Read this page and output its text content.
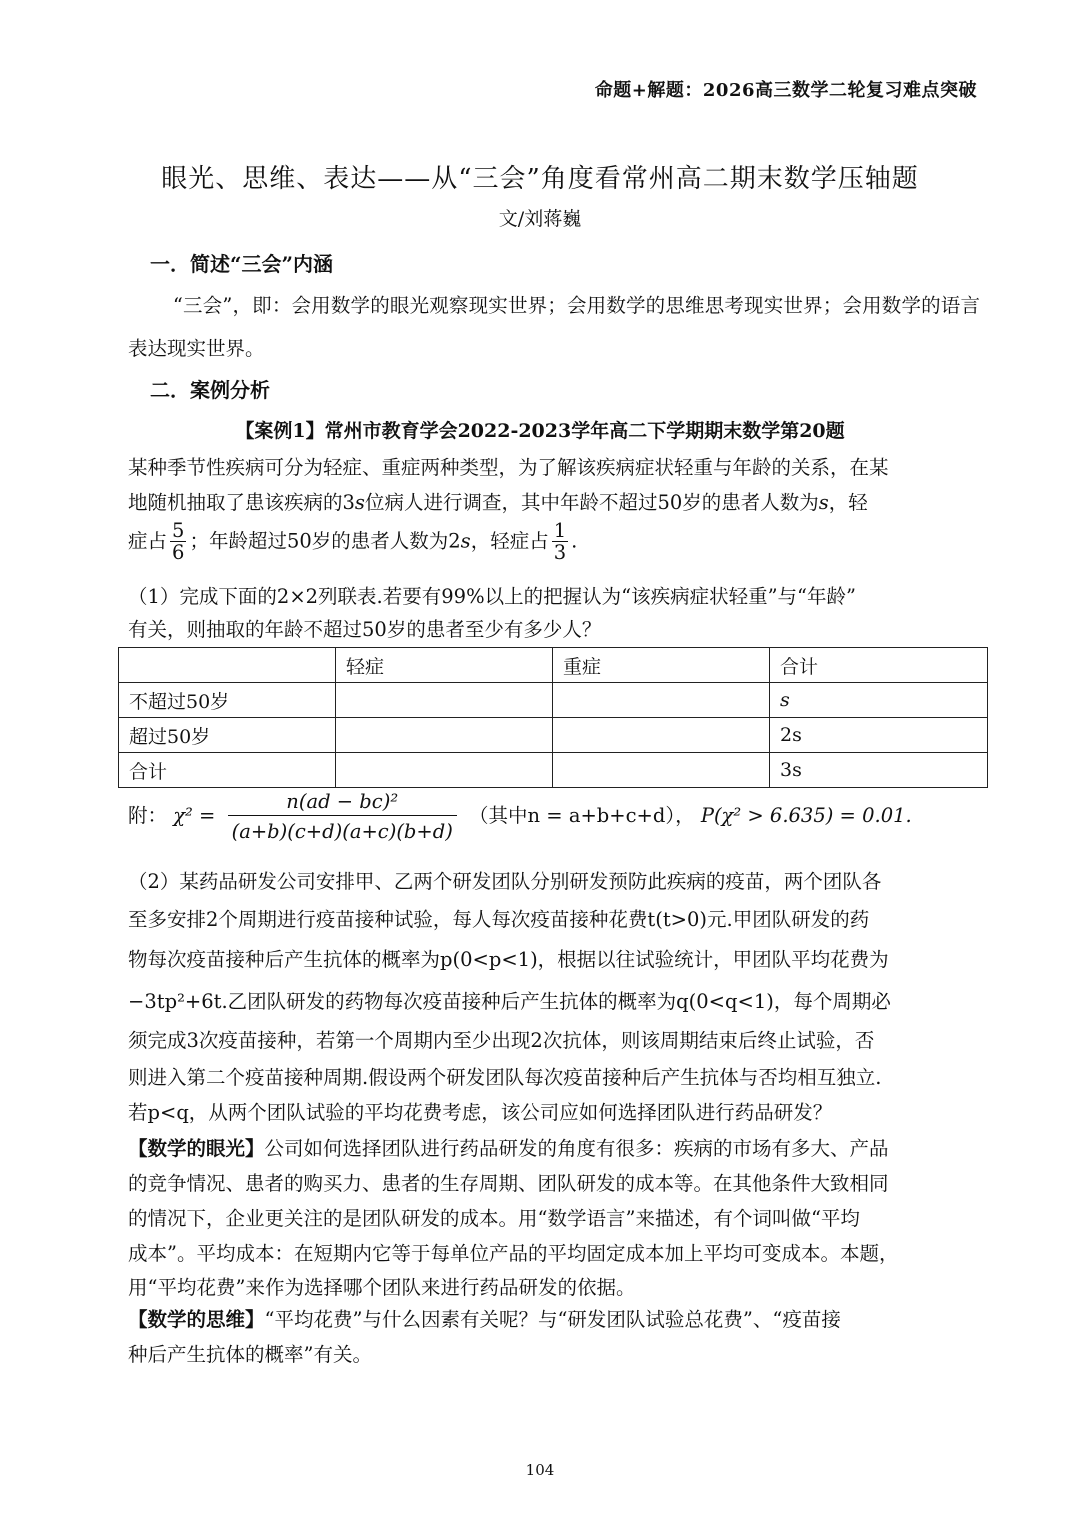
命题+解题：2026高三数学二轮复习难点突破
眼光、思维、表达——从“三会”角度看常州高二期末数学压轴题
文/刘蒋巍
一．简述“三会”内涵
“三会”，即：会用数学的眼光观察现实世界；会用数学的思维思考现实世界；会用数学的语言表达现实世界。
二．案例分析
【案例1】常州市教育学会2022-2023学年高二下学期期末数学第20题
某种季节性疾病可分为轻症、重症两种类型，为了解该疾病症状轻重与年龄的关系，在某
地随机抽取了患该疾病的3s位病人进行调查，其中年龄不超过50岁的患者人数为s，轻
症占 $\frac{5}{6}$ ；年龄超过50岁的患者人数为2s，轻症占 $\frac{1}{3}$ .
（1）完成下面的2×2列联表.若要有99%以上的把握认为“该疾病症状轻重”与“年龄”
有关，则抽取的年龄不超过50岁的患者至少有多少人？
	轻症	重症	合计
不超过50岁			s
超过50岁			2s
合计			3s
附： $\chi^2 = \frac{\text{n(ad − bc)²}}{(a+b)(c+d)(a+c)(b+d)}$ （其中n = a+b+c+d）， P(χ² > 6.635) = 0.01.
（2）某药品研发公司安排甲、乙两个研发团队分别研发预防此疾病的疫苗，两个团队各
至多安排2个周期进行疫苗接种试验，每人每次疫苗接种花费t(t>0)元.甲团队研发的药
物每次疫苗接种后产生抗体的概率为p(0<p<1)，根据以往试验统计，甲团队平均花费为
−3tp²+6t.乙团队研发的药物每次疫苗接种后产生抗体的概率为q(0<q<1)，每个周期必
须完成3次疫苗接种，若第一个周期内至少出现2次抗体，则该周期结束后终止试验，否
则进入第二个疫苗接种周期.假设两个研发团队每次疫苗接种后产生抗体与否均相互独立.
若p<q，从两个团队试验的平均花费考虑，该公司应如何选择团队进行药品研发？
【数学的眼光】公司如何选择团队进行药品研发的角度有很多：疾病的市场有多大、产品
的竞争情况、患者的购买力、患者的生存周期、团队研发的成本等。在其他条件大致相同
的情况下，企业更关注的是团队研发的成本。用“数学语言”来描述，有个词叫做“平均
成本”。平均成本：在短期内它等于每单位产品的平均固定成本加上平均可变成本。本题，
用“平均花费”来作为选择哪个团队来进行药品研发的依据。
【数学的思维】“平均花费”与什么因素有关呢？与“研发团队试验总花费”、“疫苗接
种后产生抗体的概率”有关。
104
